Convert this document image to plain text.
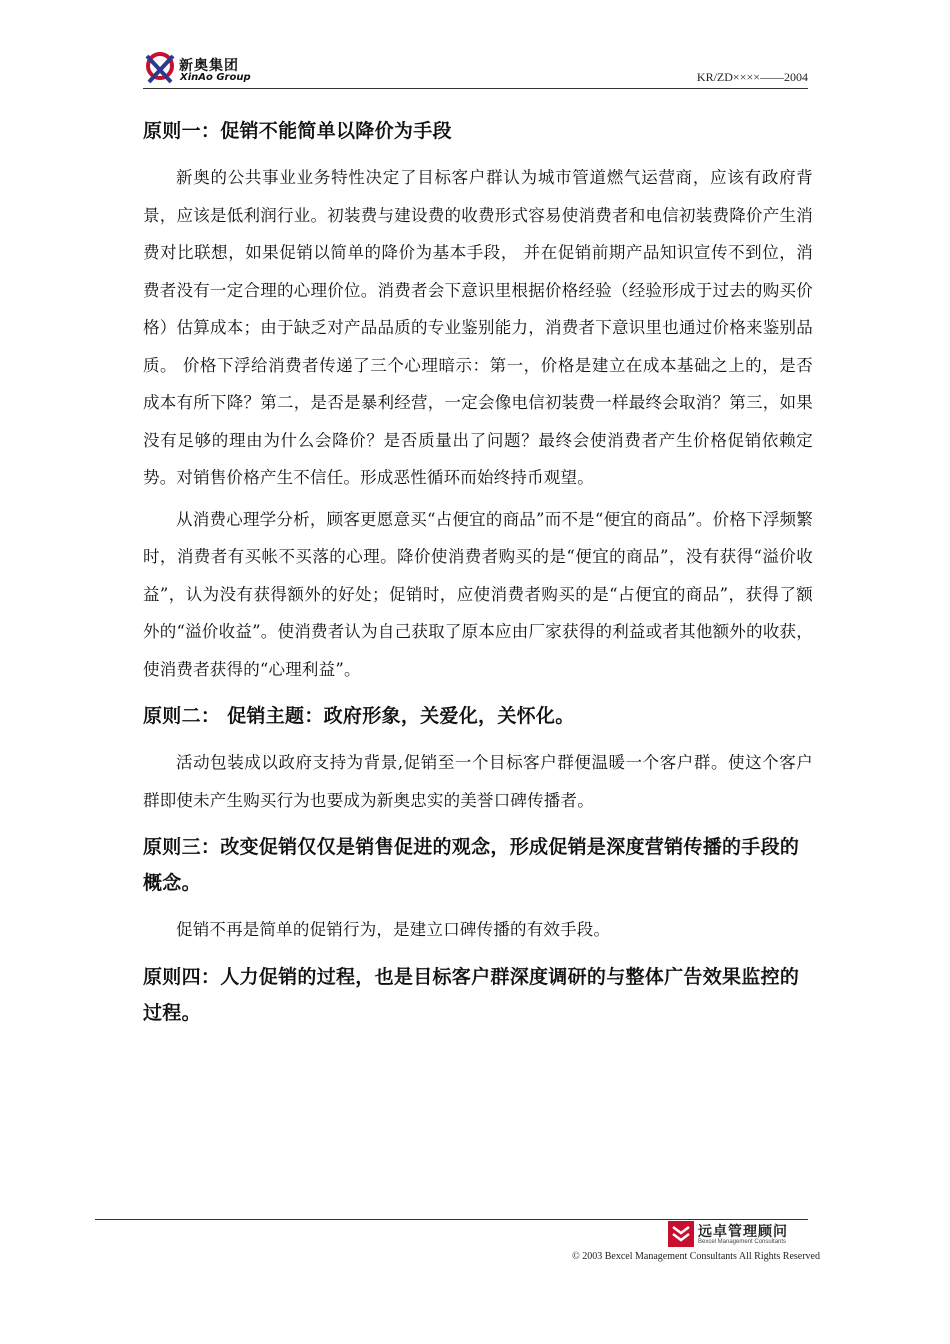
新奥集团
XinAo Group	KR/ZD××××——2004
原则一：促销不能简单以降价为手段

新奥的公共事业业务特性决定了目标客户群认为城市管道燃气运营商，应该有政府背景，应该是低利润行业。初装费与建设费的收费形式容易使消费者和电信初装费降价产生消费对比联想，如果促销以简单的降价为基本手段， 并在促销前期产品知识宣传不到位，消费者没有一定合理的心理价位。消费者会下意识里根据价格经验（经验形成于过去的购买价格）估算成本；由于缺乏对产品品质的专业鉴别能力，消费者下意识里也通过价格来鉴别品质。 价格下浮给消费者传递了三个心理暗示：第一，价格是建立在成本基础之上的，是否成本有所下降？第二，是否是暴利经营，一定会像电信初装费一样最终会取消？第三，如果没有足够的理由为什么会降价？是否质量出了问题？最终会使消费者产生价格促销依赖定势。对销售价格产生不信任。形成恶性循环而始终持币观望。

从消费心理学分析，顾客更愿意买“占便宜的商品”而不是“便宜的商品”。价格下浮频繁时，消费者有买帐不买落的心理。降价使消费者购买的是“便宜的商品”，没有获得“溢价收益”，认为没有获得额外的好处；促销时，应使消费者购买的是“占便宜的商品”，获得了额外的“溢价收益”。使消费者认为自己获取了原本应由厂家获得的利益或者其他额外的收获，使消费者获得的“心理利益”。

原则二： 促销主题：政府形象，关爱化，关怀化。

活动包装成以政府支持为背景,促销至一个目标客户群便温暖一个客户群。使这个客户群即使未产生购买行为也要成为新奥忠实的美誉口碑传播者。

原则三：改变促销仅仅是销售促进的观念，形成促销是深度营销传播的手段的概念。

促销不再是简单的促销行为，是建立口碑传播的有效手段。

原则四：人力促销的过程，也是目标客户群深度调研的与整体广告效果监控的过程。
远卓管理顾问
Bexcel Management Consultants
© 2003 Bexcel Management Consultants All Rights Reserved
